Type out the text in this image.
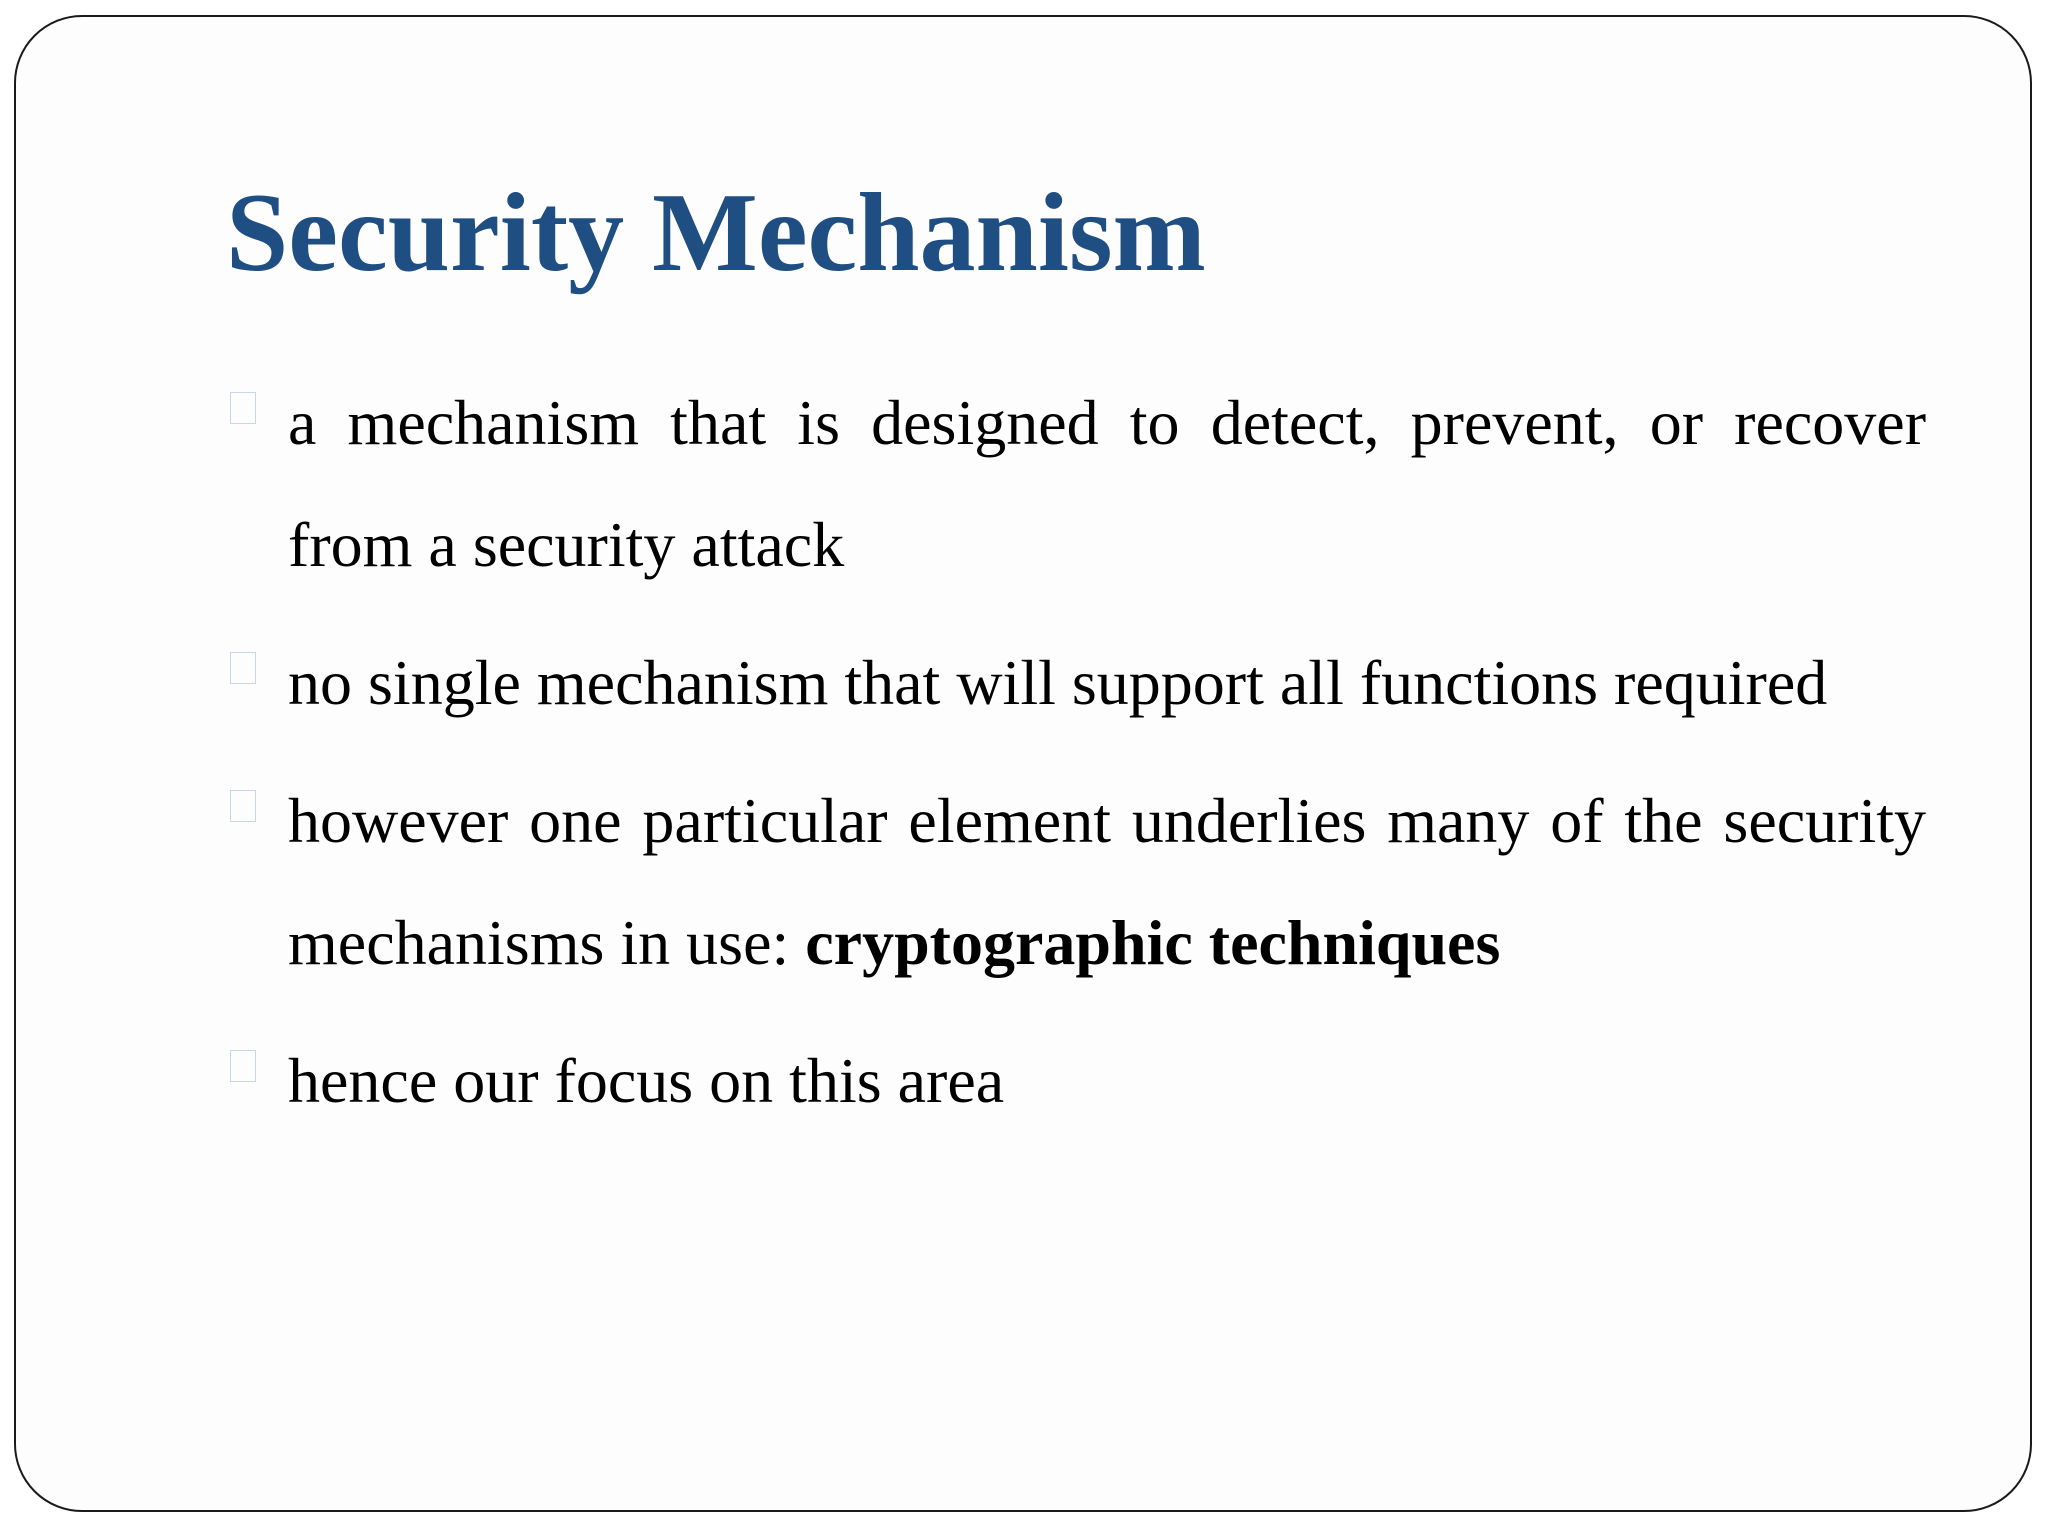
Security Mechanism
a mechanism that is designed to detect, prevent, or recover from a security attack
no single mechanism that will support all functions required
however one particular element underlies many of the security mechanisms in use: cryptographic techniques
hence our focus on this area
